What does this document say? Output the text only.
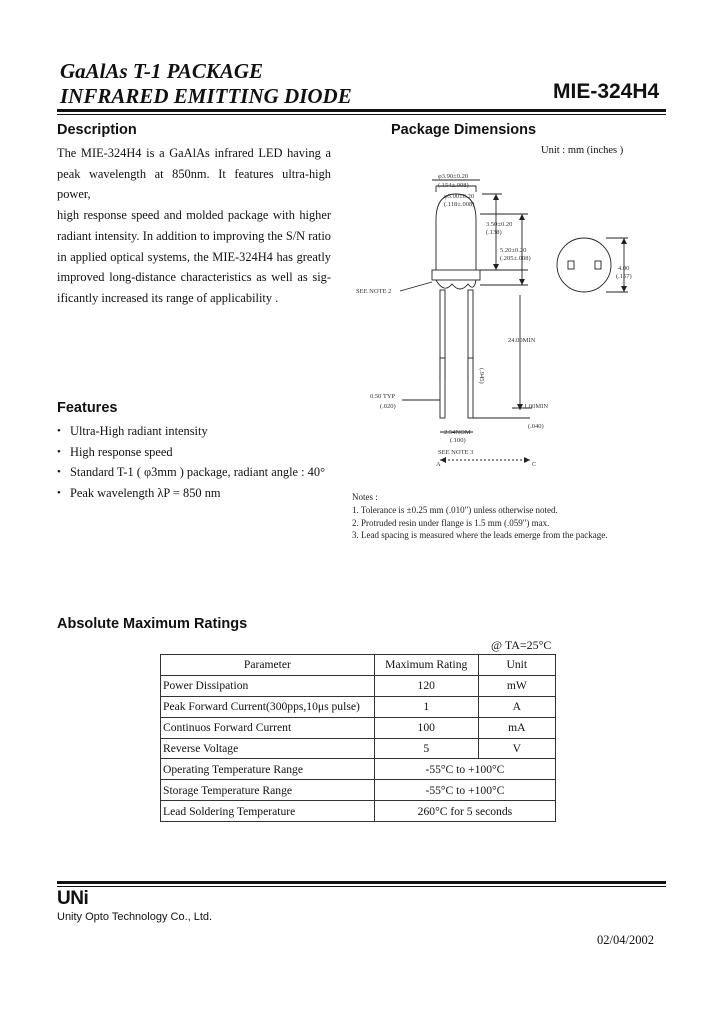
GaAlAs T-1 PACKAGE
INFRARED EMITTING DIODE	MIE-324H4
Description
The MIE-324H4 is a GaAlAs infrared LED having a
peak wavelength at 850nm. It features ultra-high power,
high response speed and molded package with higher
radiant intensity. In addition to improving the S/N ratio
in applied optical systems, the MIE-324H4 has greatly
improved long-distance characteristics as well as sig-
ificantly increased its range of applicability .
Package Dimensions
Unit : mm (inches )
φ3.90±0.20
(.154±.008)
φ3.00±0.20
(.118±.008)
3.50±0.20
(.138)
5.20±0.20
(.205±.008)
SEE NOTE 2
24.00MIN
(.945)
0.50 TYP
(.020)	1.00MIN
(.040)
2.54NOM
(.100)
SEE NOTE 3
A	C
4.00
(.157)
Notes :
1. Tolerance is ±0.25 mm (.010") unless otherwise noted.
2. Protruded resin under flange is 1.5 mm (.059") max.
3. Lead spacing is measured where the leads emerge from the package.
Features
• Ultra-High radiant intensity
• High response speed
• Standard T-1 ( φ3mm ) package, radiant angle : 40°
• Peak wavelength λP = 850 nm
Absolute Maximum Ratings
@ TA=25°C
Parameter	Maximum Rating	Unit
Power Dissipation	120	mW
Peak Forward Current(300pps,10μs pulse)	1	A
Continuos Forward Current	100	mA
Reverse Voltage	5	V
Operating Temperature Range	-55°C to +100°C	
Storage Temperature Range	-55°C to +100°C	
Lead Soldering Temperature	260°C for 5 seconds	
UNi
Unity Opto Technology Co., Ltd.
02/04/2002
